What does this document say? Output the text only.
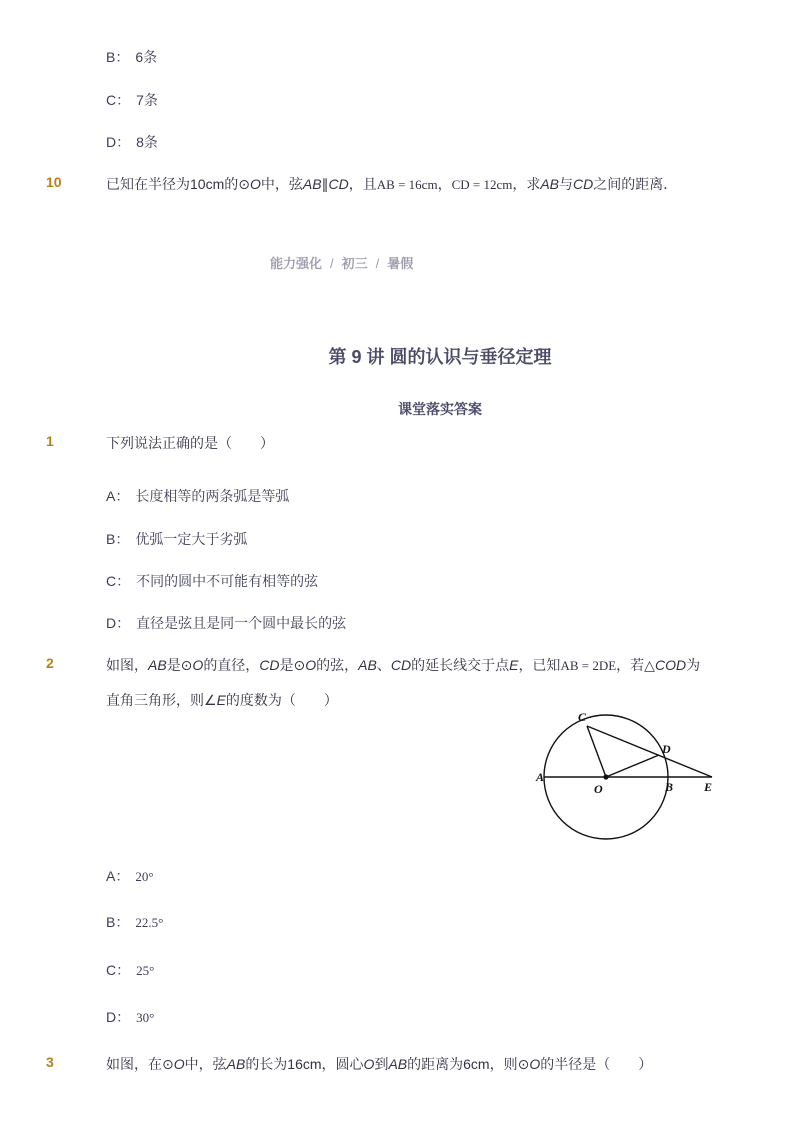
B： 6条
C： 7条
D： 8条
10	已知在半径为10cm的⊙O中，弦AB∥CD，且AB = 16cm，CD = 12cm，求AB与CD之间的距离．
能力强化 / 初三 / 暑假
第 9 讲 圆的认识与垂径定理
课堂落实答案
1	下列说法正确的是（　　）
A： 长度相等的两条弧是等弧
B： 优弧一定大于劣弧
C： 不同的圆中不可能有相等的弦
D： 直径是弦且是同一个圆中最长的弦
2	如图，AB是⊙O的直径，CD是⊙O的弦，AB、CD的延长线交于点E，已知AB = 2DE，若△COD为
直角三角形，则∠E的度数为（　　）
C
D
A
O	B	E
A： 20°
B： 22.5°
C： 25°
D： 30°
3	如图，在⊙O中，弦AB的长为16cm，圆心O到AB的距离为6cm，则⊙O的半径是（　　）
